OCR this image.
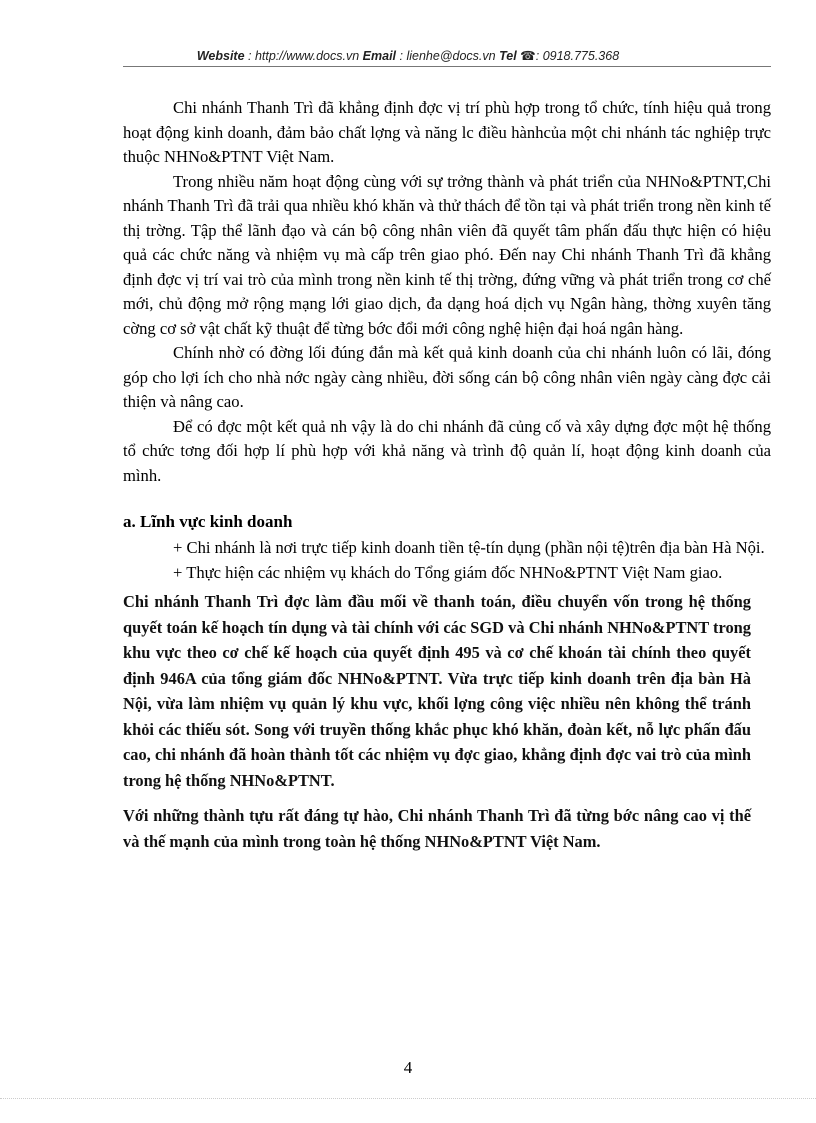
Website : http://www.docs.vn Email : lienhe@docs.vn Tel ☎: 0918.775.368

Chi nhánh Thanh Trì đã khẳng định đợc vị trí phù hợp trong tổ chức, tính hiệu quả trong hoạt động kinh doanh, đảm bảo chất lợng và năng lc điều hànhcủa một chi nhánh tác nghiệp trực thuộc NHNo&PTNT Việt Nam.

Trong nhiều năm hoạt động cùng với sự trởng thành và phát triển của NHNo&PTNT,Chi nhánh Thanh Trì đã trải qua nhiều khó khăn và thử thách để tồn tại và phát triển trong nền kinh tế thị trờng. Tập thể lãnh đạo và cán bộ công nhân viên đã quyết tâm phấn đấu thực hiện có hiệu quả các chức năng và nhiệm vụ mà cấp trên giao phó. Đến nay Chi nhánh Thanh Trì đã khẳng định đợc vị trí vai trò của mình trong nền kinh tế thị trờng, đứng vững và phát triển trong cơ chế mới, chủ động mở rộng mạng lới giao dịch, đa dạng hoá dịch vụ Ngân hàng, thờng xuyên tăng cờng cơ sở vật chất kỹ thuật để từng bớc đổi mới công nghệ hiện đại hoá ngân hàng.

Chính nhờ có đờng lối đúng đắn mà kết quả kinh doanh của chi nhánh luôn có lãi, đóng góp cho lợi ích cho nhà nớc ngày càng nhiều, đời sống cán bộ công nhân viên ngày càng đợc cải thiện và nâng cao.

Để có đợc một kết quả nh vậy là do chi nhánh đã củng cố và xây dựng đợc một hệ thống tổ chức tơng đối hợp lí phù hợp với khả năng và trình độ quản lí, hoạt động kinh doanh của mình.

a. Lĩnh vực kinh doanh

+ Chi nhánh là nơi trực tiếp kinh doanh tiền tệ-tín dụng (phần nội tệ)trên địa bàn Hà Nội.

+ Thực hiện các nhiệm vụ khách do Tổng giám đốc NHNo&PTNT Việt Nam giao.

Chi nhánh Thanh Trì đợc làm đầu mối về thanh toán, điều chuyển vốn trong hệ thống quyết toán kế hoạch tín dụng và tài chính với các SGD và Chi nhánh NHNo&PTNT trong khu vực theo cơ chế kế hoạch của quyết định 495 và cơ chế khoán tài chính theo quyết định 946A của tổng giám đốc NHNo&PTNT. Vừa trực tiếp kinh doanh trên địa bàn Hà Nội, vừa làm nhiệm vụ quản lý khu vực, khối lợng công việc nhiều nên không thể tránh khỏi các thiếu sót. Song với truyền thống khắc phục khó khăn, đoàn kết, nỗ lực phấn đấu cao, chi nhánh đã hoàn thành tốt các nhiệm vụ đợc giao, khẳng định đợc vai trò của mình trong hệ thống NHNo&PTNT.

Với những thành tựu rất đáng tự hào, Chi nhánh Thanh Trì đã từng bớc nâng cao vị thế và thế mạnh của mình trong toàn hệ thống NHNo&PTNT Việt Nam.

4
